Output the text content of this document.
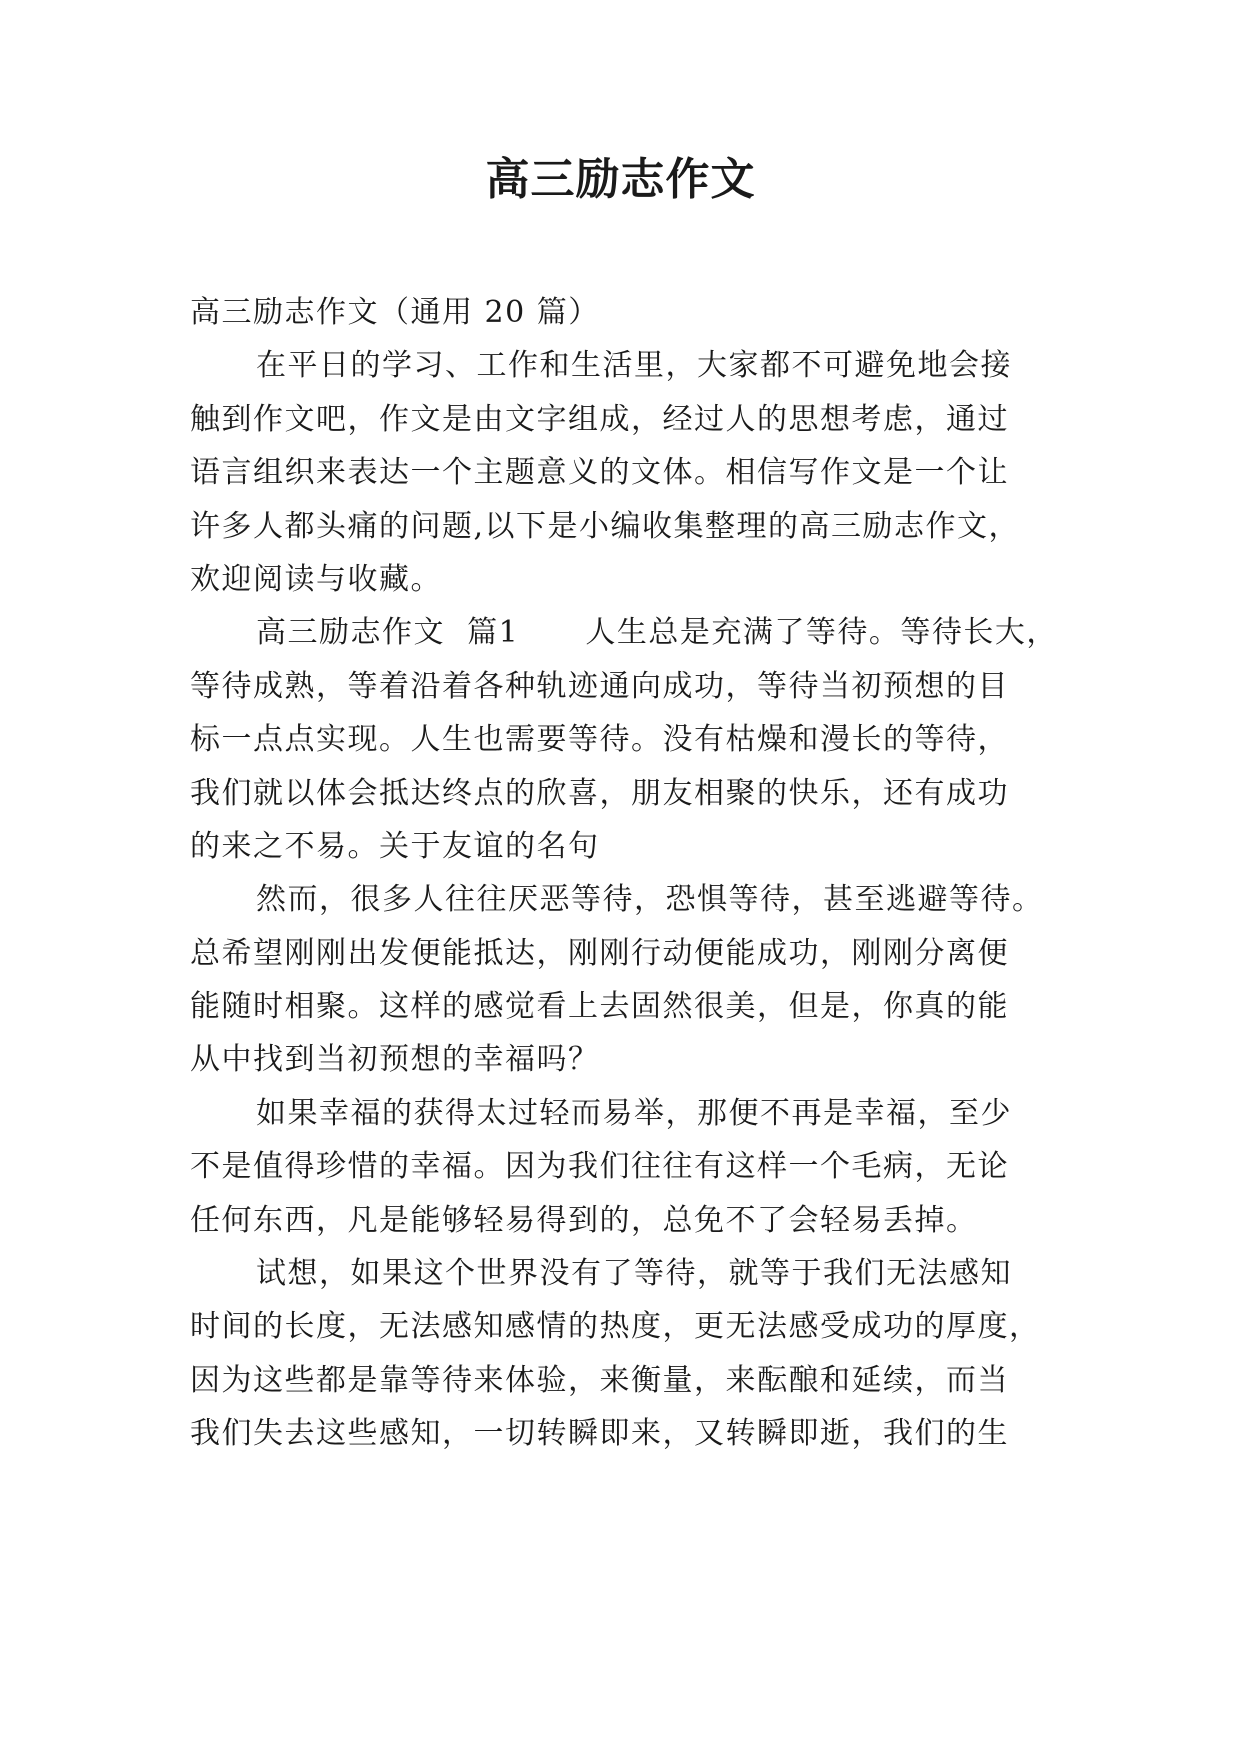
高三励志作文

高三励志作文（通用 20 篇）

在平日的学习、工作和生活里，大家都不可避免地会接
触到作文吧，作文是由文字组成，经过人的思想考虑，通过
语言组织来表达一个主题意义的文体。相信写作文是一个让
许多人都头痛的问题,以下是小编收集整理的高三励志作文，
欢迎阅读与收藏。

高三励志作文  篇1      人生总是充满了等待。等待长大，
等待成熟，等着沿着各种轨迹通向成功，等待当初预想的目
标一点点实现。人生也需要等待。没有枯燥和漫长的等待，
我们就以体会抵达终点的欣喜，朋友相聚的快乐，还有成功
的来之不易。关于友谊的名句

然而，很多人往往厌恶等待，恐惧等待，甚至逃避等待。
总希望刚刚出发便能抵达，刚刚行动便能成功，刚刚分离便
能随时相聚。这样的感觉看上去固然很美，但是，你真的能
从中找到当初预想的幸福吗？

如果幸福的获得太过轻而易举，那便不再是幸福，至少
不是值得珍惜的幸福。因为我们往往有这样一个毛病，无论
任何东西，凡是能够轻易得到的，总免不了会轻易丢掉。

试想，如果这个世界没有了等待，就等于我们无法感知
时间的长度，无法感知感情的热度，更无法感受成功的厚度，
因为这些都是靠等待来体验，来衡量，来酝酿和延续，而当
我们失去这些感知，一切转瞬即来，又转瞬即逝，我们的生
